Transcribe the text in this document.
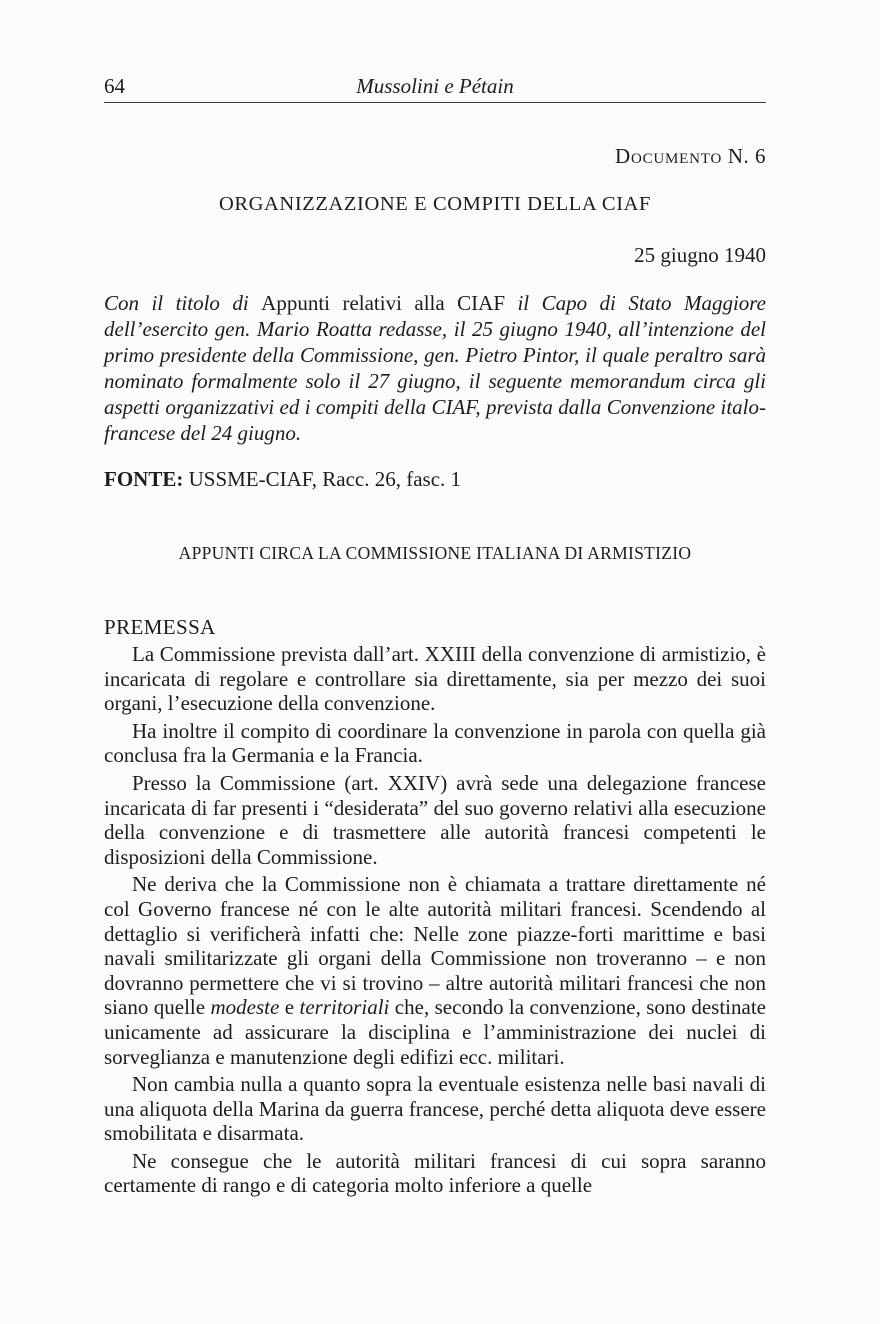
64	Mussolini e Pétain
Documento N. 6
ORGANIZZAZIONE E COMPITI DELLA CIAF
25 giugno 1940
Con il titolo di Appunti relativi alla CIAF il Capo di Stato Maggiore dell’esercito gen. Mario Roatta redasse, il 25 giugno 1940, all’intenzione del primo presidente della Commissione, gen. Pietro Pintor, il quale peraltro sarà nominato formalmente solo il 27 giugno, il seguente memorandum circa gli aspetti organizzativi ed i compiti della CIAF, prevista dalla Convenzione italo-francese del 24 giugno.
FONTE: USSME-CIAF, Racc. 26, fasc. 1
APPUNTI CIRCA LA COMMISSIONE ITALIANA DI ARMISTIZIO
PREMESSA

La Commissione prevista dall’art. XXIII della convenzione di armistizio, è incaricata di regolare e controllare sia direttamente, sia per mezzo dei suoi organi, l’esecuzione della convenzione.

Ha inoltre il compito di coordinare la convenzione in parola con quella già conclusa fra la Germania e la Francia.

Presso la Commissione (art. XXIV) avrà sede una delegazione francese incaricata di far presenti i “desiderata” del suo governo relativi alla esecuzione della convenzione e di trasmettere alle autorità francesi competenti le disposizioni della Commissione.

Ne deriva che la Commissione non è chiamata a trattare direttamente né col Governo francese né con le alte autorità militari francesi. Scendendo al dettaglio si verificherà infatti che: Nelle zone piazze-forti marittime e basi navali smilitarizzate gli organi della Commissione non troveranno – e non dovranno permettere che vi si trovino – altre autorità militari francesi che non siano quelle modeste e territoriali che, secondo la convenzione, sono destinate unicamente ad assicurare la disciplina e l’amministrazione dei nuclei di sorveglianza e manutenzione degli edifizi ecc. militari.

Non cambia nulla a quanto sopra la eventuale esistenza nelle basi navali di una aliquota della Marina da guerra francese, perché detta aliquota deve essere smobilitata e disarmata.

Ne consegue che le autorità militari francesi di cui sopra saranno certamente di rango e di categoria molto inferiore a quelle
